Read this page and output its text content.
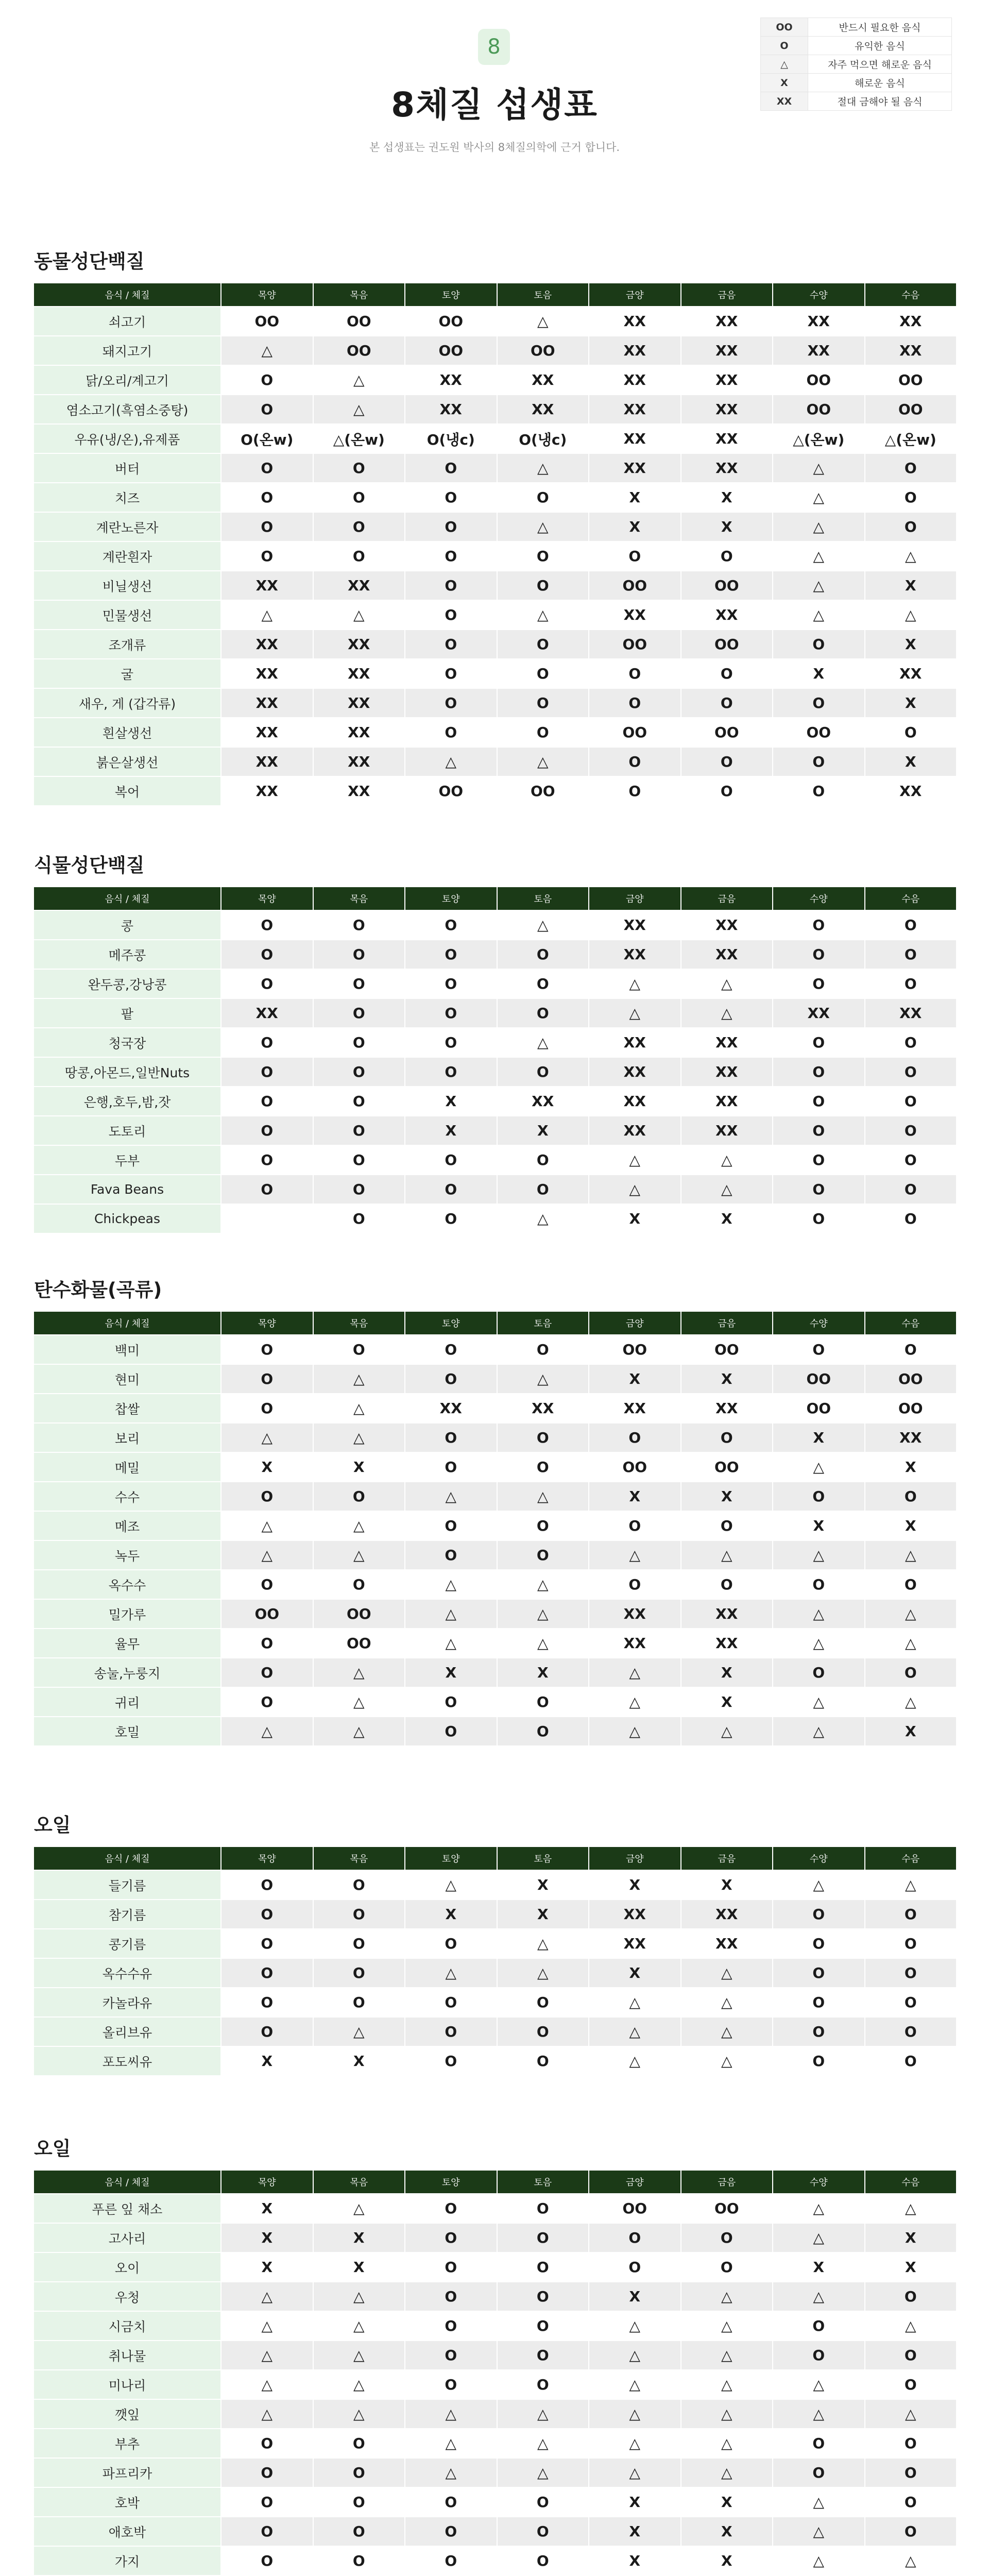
8
8체질 섭생표
본 섭생표는 권도원 박사의 8체질의학에 근거 합니다.
OO	반드시 필요한 음식
O	유익한 음식
△	자주 먹으면 해로운 음식
X	해로운 음식
XX	절대 금해야 될 음식
동물성단백질
음식 / 체질	목양	목음	토양	토음	금양	금음	수양	수음
쇠고기	OO	OO	OO	△	XX	XX	XX	XX
돼지고기	△	OO	OO	OO	XX	XX	XX	XX
닭/오리/계고기	O	△	XX	XX	XX	XX	OO	OO
염소고기(흑염소중탕)	O	△	XX	XX	XX	XX	OO	OO
우유(냉/온),유제품	O(온w)	△(온w)	O(냉c)	O(냉c)	XX	XX	△(온w)	△(온w)
버터	O	O	O	△	XX	XX	△	O
치즈	O	O	O	O	X	X	△	O
계란노른자	O	O	O	△	X	X	△	O
계란흰자	O	O	O	O	O	O	△	△
비닐생선	XX	XX	O	O	OO	OO	△	X
민물생선	△	△	O	△	XX	XX	△	△
조개류	XX	XX	O	O	OO	OO	O	X
굴	XX	XX	O	O	O	O	X	XX
새우, 게 (갑각류)	XX	XX	O	O	O	O	O	X
흰살생선	XX	XX	O	O	OO	OO	OO	O
붉은살생선	XX	XX	△	△	O	O	O	X
복어	XX	XX	OO	OO	O	O	O	XX
식물성단백질
음식 / 체질	목양	목음	토양	토음	금양	금음	수양	수음
콩	O	O	O	△	XX	XX	O	O
메주콩	O	O	O	O	XX	XX	O	O
완두콩,강낭콩	O	O	O	O	△	△	O	O
팥	XX	O	O	O	△	△	XX	XX
청국장	O	O	O	△	XX	XX	O	O
땅콩,아몬드,일반Nuts	O	O	O	O	XX	XX	O	O
은행,호두,밤,잣	O	O	X	XX	XX	XX	O	O
도토리	O	O	X	X	XX	XX	O	O
두부	O	O	O	O	△	△	O	O
Fava Beans	O	O	O	O	△	△	O	O
Chickpeas		O	O	△	X	X	O	O
탄수화물(곡류)
음식 / 체질	목양	목음	토양	토음	금양	금음	수양	수음
백미	O	O	O	O	OO	OO	O	O
현미	O	△	O	△	X	X	OO	OO
찹쌀	O	△	XX	XX	XX	XX	OO	OO
보리	△	△	O	O	O	O	X	XX
메밀	X	X	O	O	OO	OO	△	X
수수	O	O	△	△	X	X	O	O
메조	△	△	O	O	O	O	X	X
녹두	△	△	O	O	△	△	△	△
옥수수	O	O	△	△	O	O	O	O
밀가루	OO	OO	△	△	XX	XX	△	△
율무	O	OO	△	△	XX	XX	△	△
송눌,누룽지	O	△	X	X	△	X	O	O
귀리	O	△	O	O	△	X	△	△
호밀	△	△	O	O	△	△	△	X
오일
음식 / 체질	목양	목음	토양	토음	금양	금음	수양	수음
들기름	O	O	△	X	X	X	△	△
참기름	O	O	X	X	XX	XX	O	O
콩기름	O	O	O	△	XX	XX	O	O
옥수수유	O	O	△	△	X	△	O	O
카놀라유	O	O	O	O	△	△	O	O
올리브유	O	△	O	O	△	△	O	O
포도씨유	X	X	O	O	△	△	O	O
오일
음식 / 체질	목양	목음	토양	토음	금양	금음	수양	수음
푸른 잎 채소	X	△	O	O	OO	OO	△	△
고사리	X	X	O	O	O	O	△	X
오이	X	X	O	O	O	O	X	X
우청	△	△	O	O	X	△	△	O
시금치	△	△	O	O	△	△	O	△
취나물	△	△	O	O	△	△	O	O
미나리	△	△	O	O	△	△	△	O
깻잎	△	△	△	△	△	△	△	△
부추	O	O	△	△	△	△	O	O
파프리카	O	O	△	△	△	△	O	O
호박	O	O	O	O	X	X	△	O
애호박	O	O	O	O	X	X	△	O
가지	O	O	O	O	X	X	△	△
